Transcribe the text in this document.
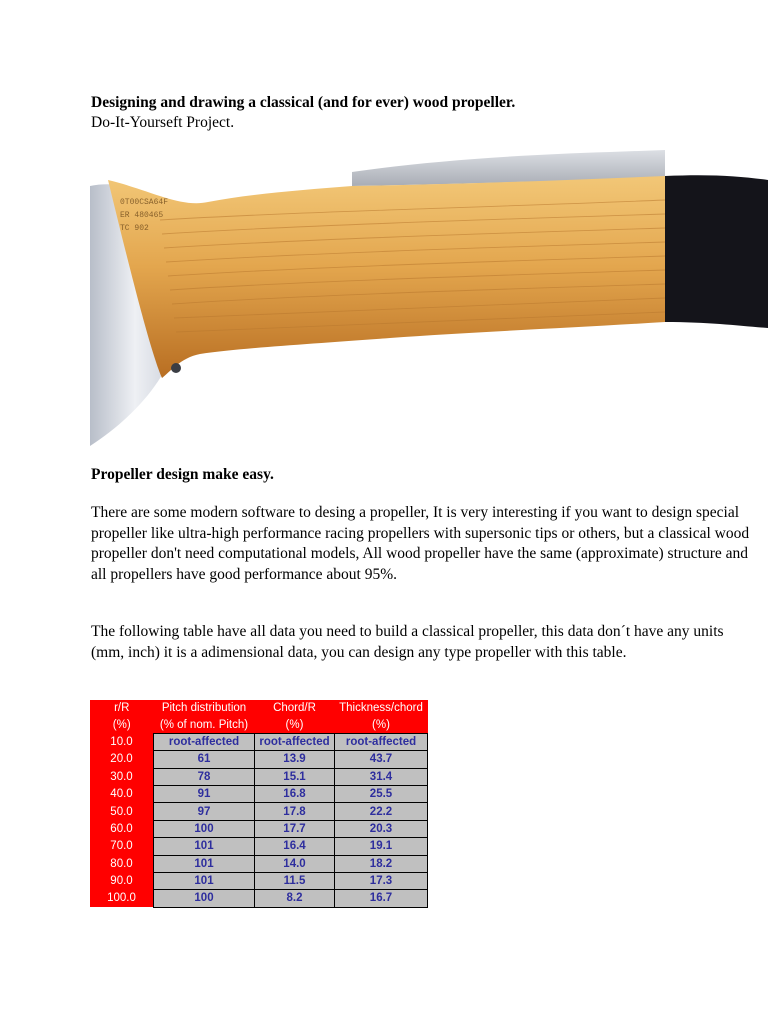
Designing and drawing a classical (and for ever) wood propeller.
Do-It-Yourseft Project.
0T00CSA64F
ER 480465
TC 902
Propeller design make easy.
There are some modern software to desing a propeller, It is very interesting if you want to design special propeller like ultra-high performance racing propellers with supersonic tips or others, but a classical wood propeller don't need computational models, All wood propeller have the same (approximate) structure and all propellers have good performance about 95%.
The following table have all data you need to build a classical propeller, this data don´t have any units (mm, inch) it is a adimensional data, you can design any type propeller with this table.
r/R	Pitch distribution	Chord/R	Thickness/chord
(%)	(% of nom. Pitch)	(%)	(%)
10.0	root-affected	root-affected	root-affected
20.0	61	13.9	43.7
30.0	78	15.1	31.4
40.0	91	16.8	25.5
50.0	97	17.8	22.2
60.0	100	17.7	20.3
70.0	101	16.4	19.1
80.0	101	14.0	18.2
90.0	101	11.5	17.3
100.0	100	8.2	16.7
